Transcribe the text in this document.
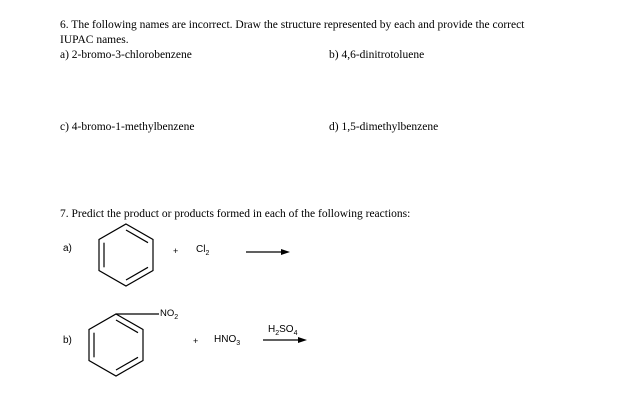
6. The following names are incorrect. Draw the structure represented by each and provide the correct
IUPAC names.
a) 2-bromo-3-chlorobenzene	b) 4,6-dinitrotoluene
c) 4-bromo-1-methylbenzene	d) 1,5-dimethylbenzene
7. Predict the product or products formed in each of the following reactions:
a)	+ $Cl_2$
b)
$NO_2$
+ $HNO_3$
$H_2SO_4$
